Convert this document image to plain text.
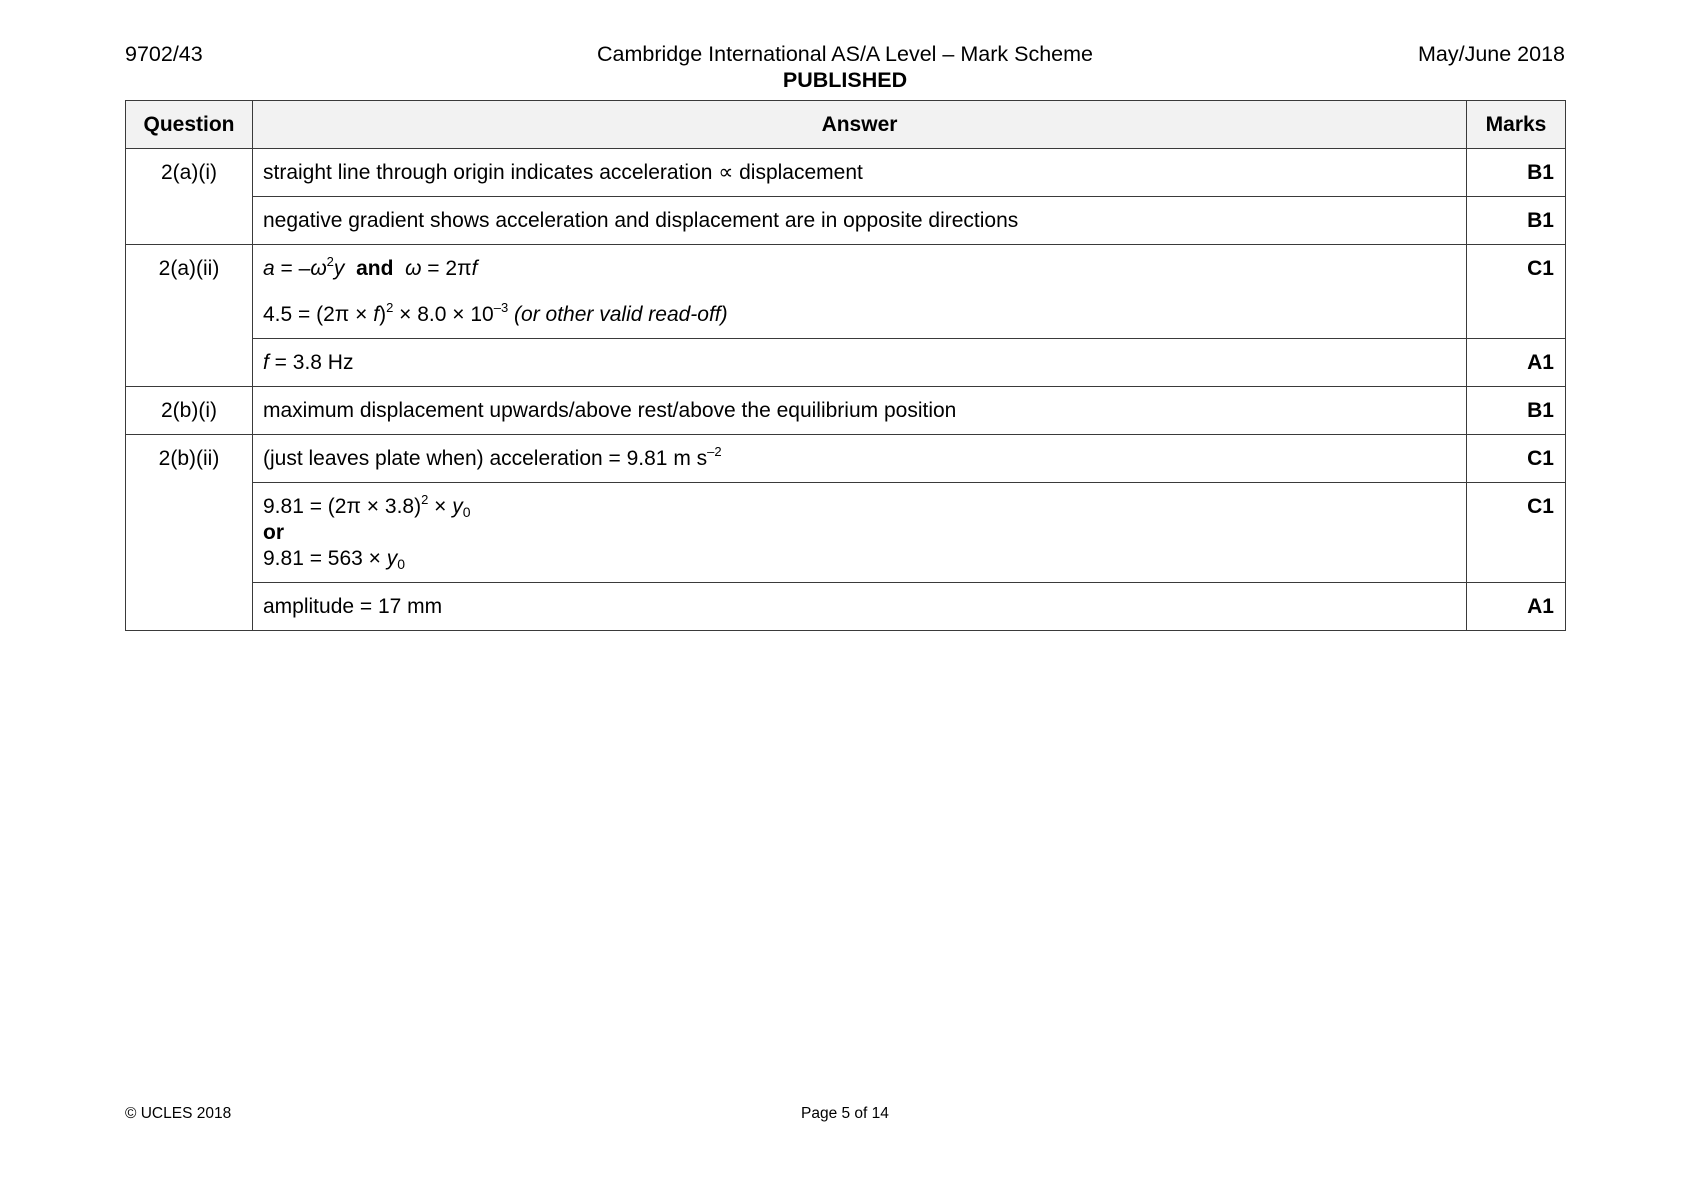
9702/43	Cambridge International AS/A Level – Mark Scheme
PUBLISHED
May/June 2018
Question	Answer	Marks
2(a)(i)	straight line through origin indicates acceleration ∝ displacement	B1
	negative gradient shows acceleration and displacement are in opposite directions	B1
2(a)(ii)	$a = -\omega^2y$ and ω = 2πf
$4.5 = (2\pi \times f)^2 \times 8.0 \times 10^{-3}$ (or other valid read-off)	C1
	f = 3.8 Hz	A1
2(b)(i)	maximum displacement upwards/above rest/above the equilibrium position	B1
2(b)(ii)	(just leaves plate when) acceleration = 9.81 m $s^{-2}$	C1

	$9.81 = (2\pi \times 3.8)^2 \times y_0$
or
$9.81 = 563 \times y_0$	C1
	amplitude = 17 mm	A1
© UCLES 2018	Page 5 of 14
